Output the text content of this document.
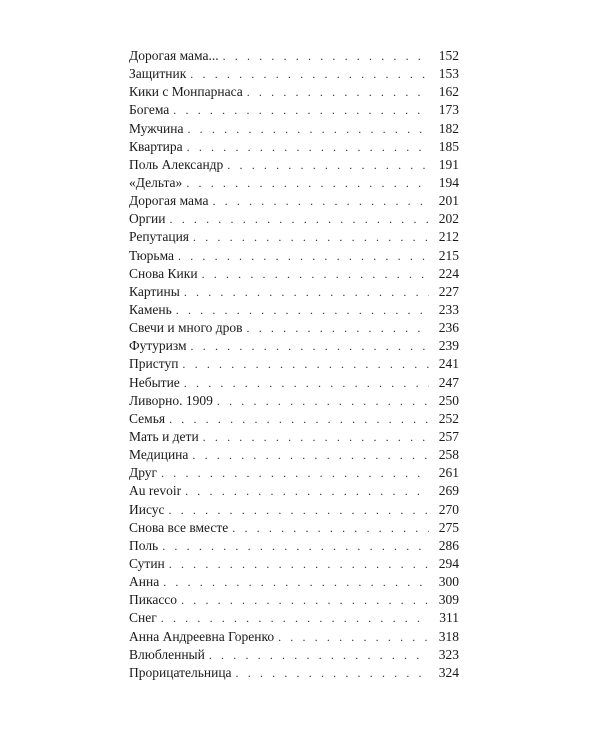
Дорогая мама... . . .	152
Защитник . . .	153
Кики с Монпарнаса . . .	162
Богема . . .	173
Мужчина . . .	182
Квартира . . .	185
Поль Александр . . .	191
«Дельта» . . .	194
Дорогая мама . . .	201
Оргии . . .	202
Репутация . . .	212
Тюрьма . . .	215
Снова Кики . . .	224
Картины . . .	227
Камень . . .	233
Свечи и много дров . . .	236
Футуризм . . .	239
Приступ . . .	241
Небытие . . .	247
Ливорно. 1909 . . .	250
Семья . . .	252
Мать и дети . . .	257
Медицина . . .	258
Друг . . .	261
Au revoir . . .	269
Иисус . . .	270
Снова все вместе . . .	275
Поль . . .	286
Сутин . . .	294
Анна . . .	300
Пикассо . . .	309
Снег . . .	311
Анна Андреевна Горенко . . .	318
Влюбленный . . .	323
Прорицательница . . .	324
